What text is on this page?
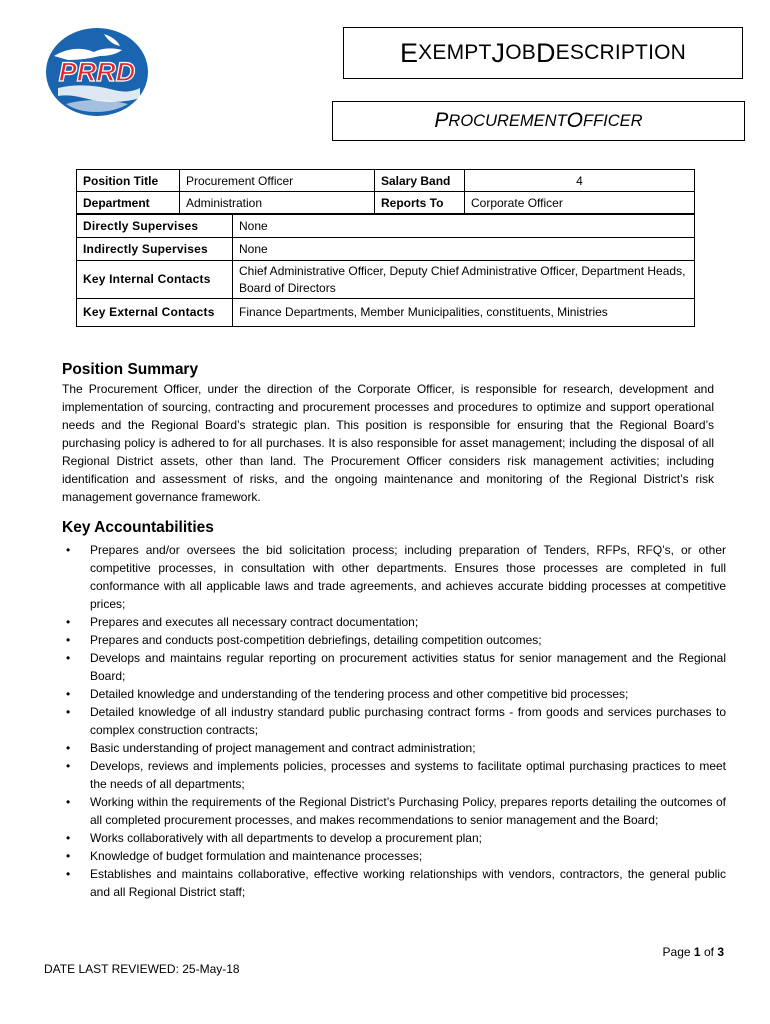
PRRD
E XEMPT J OB D ESCRIPTION
P ROCUREMENT O FFICER
Position Title	Procurement Officer	Salary Band	4
Department	Administration	Reports To	Corporate Officer
Directly Supervises	None
Indirectly Supervises	None
Key Internal Contacts	Chief Administrative Officer, Deputy Chief Administrative Officer, Department Heads, Board of Directors
Key External Contacts	Finance Departments, Member Municipalities, constituents, Ministries
Position Summary

The Procurement Officer, under the direction of the Corporate Officer, is responsible for research, development and implementation of sourcing, contracting and procurement processes and procedures to optimize and support operational needs and the Regional Board’s strategic plan. This position is responsible for ensuring that the Regional Board’s purchasing policy is adhered to for all purchases. It is also responsible for asset management; including the disposal of all Regional District assets, other than land. The Procurement Officer considers risk management activities; including identification and assessment of risks, and the ongoing maintenance and monitoring of the Regional District’s risk management governance framework.

Key Accountabilities
• Prepares and/or oversees the bid solicitation process; including preparation of Tenders, RFPs, RFQ’s, or other competitive processes, in consultation with other departments. Ensures those processes are completed in full conformance with all applicable laws and trade agreements, and achieves accurate bidding processes at competitive prices;
• Prepares and executes all necessary contract documentation;
• Prepares and conducts post-competition debriefings, detailing competition outcomes;
• Develops and maintains regular reporting on procurement activities status for senior management and the Regional Board;
• Detailed knowledge and understanding of the tendering process and other competitive bid processes;
• Detailed knowledge of all industry standard public purchasing contract forms - from goods and services purchases to complex construction contracts;
• Basic understanding of project management and contract administration;
• Develops, reviews and implements policies, processes and systems to facilitate optimal purchasing practices to meet the needs of all departments;
• Working within the requirements of the Regional District’s Purchasing Policy, prepares reports detailing the outcomes of all completed procurement processes, and makes recommendations to senior management and the Board;
• Works collaboratively with all departments to develop a procurement plan;
• Knowledge of budget formulation and maintenance processes;
• Establishes and maintains collaborative, effective working relationships with vendors, contractors, the general public and all Regional District staff;
Page 1 of 3
DATE LAST REVIEWED: 25-May-18
